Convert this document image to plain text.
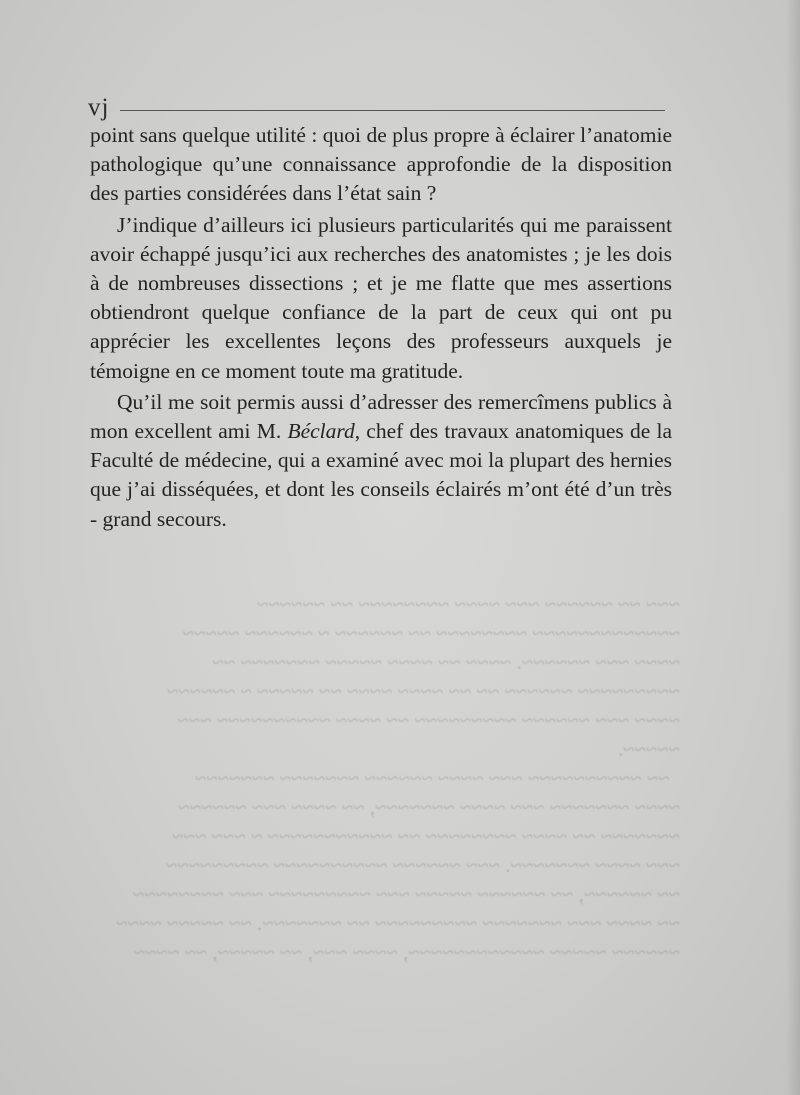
vj

point sans quelque utilité : quoi de plus propre à éclairer l’anatomie pathologique qu’une connaissance approfondie de la disposition des parties considérées dans l’état sain ?

J’indique d’ailleurs ici plusieurs particularités qui me paraissent avoir échappé jusqu’ici aux recherches des anatomistes ; je les dois à de nombreuses dissections ; et je me flatte que mes assertions obtiendront quelque confiance de la part de ceux qui ont pu apprécier les excellentes leçons des professeurs auxquels je témoigne en ce moment toute ma gratitude.

Qu’il me soit permis aussi d’adresser des remercîmens publics à mon excellent ami M. Béclard, chef des travaux anatomiques de la Faculté de médecine, qui a examiné avec moi la plupart des hernies que j’ai disséquées, et dont les conseils éclairés m’ont été d’un très - grand secours.

~~~ ~~ ~~~~~~ ~~~ ~~~~ ~~~~~~~~ ~~ ~~~~~~
~~~~~~~~~~~~~ ~~~~~~~~ ~~ ~~~~~~ ~ ~~~~~~ ~~~~~
~~~~ ~~~ ~~~~~~. ~~~~ ~~ ~~~~ ~~~~~ ~~~~~~~ ~~
~~~~~~~~~ ~~~~~~ ~~ ~~ ~~~~ ~~~~ ~~ ~~~~~ ~ ~~~~~~
~~~~ ~~~ ~~~~~~ ~~~~~~~~~ ~~ ~~~~ ~~~~~~~~~~ ~~~
~~~~~.
~~ ~~~~~~~~~~ ~~~ ~~~~ ~~~~~~ ~~~~~~~ ~~~~~~~
~~~~ ~~~~~~~ ~~~ ~~~~ ~~~~~~~, ~~ ~~~~ ~~~ ~~~~~~
~~~~~~~ ~~ ~~~~ ~~~~~~~~ ~~ ~~~~~~~~~~~ ~ ~~~ ~~~
~~~ ~~~~ ~~~~~~~. ~~~ ~~~~~~ ~~~~~~~~~~ ~~~~~~~~~
~~ ~~~~~~, ~~ ~~~~~~ ~~~~~ ~~~ ~~~~~~~~~ ~~~ ~~~~~~~~
~~ ~~~~ ~~~ ~~~~~~~ ~~~~~~~~~ ~~ ~~~~~~~. ~~ ~~~~~ ~~~~
~~~~~~ ~~~~~ ~~~~~~~~~~~~, ~~~~ ~~~, ~~ ~~~~~, ~~ ~~~~
